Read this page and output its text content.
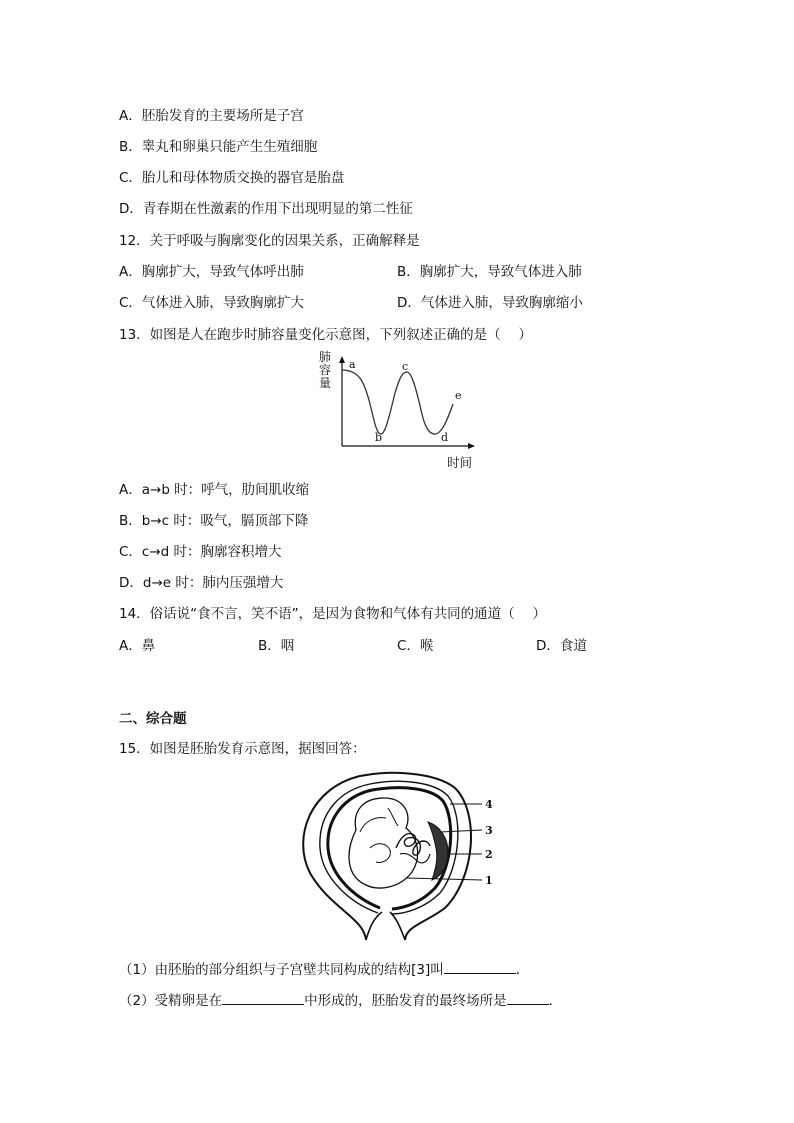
A．胚胎发育的主要场所是子宫
B．睾丸和卵巢只能产生生殖细胞
C．胎儿和母体物质交换的器官是胎盘
D．青春期在性激素的作用下出现明显的第二性征
12．关于呼吸与胸廓变化的因果关系，正确解释是
A．胸廓扩大，导致气体呼出肺	B．胸廓扩大，导致气体进入肺
C．气体进入肺，导致胸廓扩大	D．气体进入肺，导致胸廓缩小
13．如图是人在跑步时肺容量变化示意图，下列叙述正确的是（　 ）
a
b
c
d
e
肺
容
量
时间
A．a→b 时：呼气，肋间肌收缩
B．b→c 时：吸气，膈顶部下降
C．c→d 时：胸廓容积增大
D．d→e 时：肺内压强增大
14．俗话说“食不言，笑不语”，是因为食物和气体有共同的通道（　 ）
A．鼻	B．咽	C．喉	D．食道
二、综合题
15．如图是胚胎发育示意图，据图回答：
4
3
2
1
（1）由胚胎的部分组织与子宫壁共同构成的结构[3]叫	．
（2）受精卵是在	中形成的，胚胎发育的最终场所是	．
